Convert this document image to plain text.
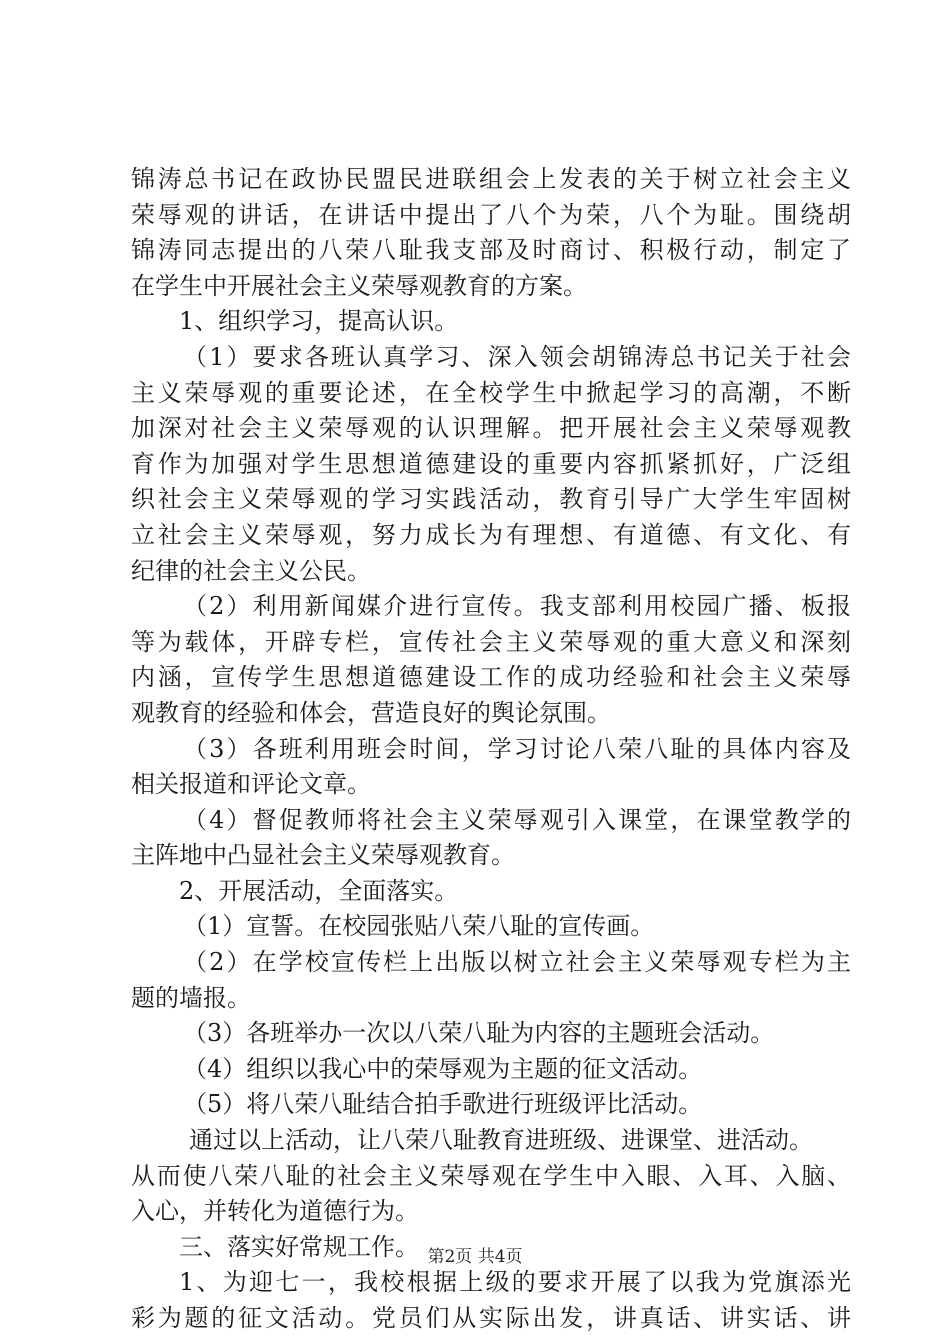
锦涛总书记在政协民盟民进联组会上发表的关于树立社会主义
荣辱观的讲话，在讲话中提出了八个为荣，八个为耻。围绕胡
锦涛同志提出的八荣八耻我支部及时商讨、积极行动，制定了
在学生中开展社会主义荣辱观教育的方案。
1、组织学习，提高认识。
（1）要求各班认真学习、深入领会胡锦涛总书记关于社会
主义荣辱观的重要论述，在全校学生中掀起学习的高潮，不断
加深对社会主义荣辱观的认识理解。把开展社会主义荣辱观教
育作为加强对学生思想道德建设的重要内容抓紧抓好，广泛组
织社会主义荣辱观的学习实践活动，教育引导广大学生牢固树
立社会主义荣辱观，努力成长为有理想、有道德、有文化、有
纪律的社会主义公民。
（2）利用新闻媒介进行宣传。我支部利用校园广播、板报
等为载体，开辟专栏，宣传社会主义荣辱观的重大意义和深刻
内涵，宣传学生思想道德建设工作的成功经验和社会主义荣辱
观教育的经验和体会，营造良好的舆论氛围。
（3）各班利用班会时间，学习讨论八荣八耻的具体内容及
相关报道和评论文章。
（4）督促教师将社会主义荣辱观引入课堂，在课堂教学的
主阵地中凸显社会主义荣辱观教育。
2、开展活动，全面落实。
（1）宣誓。在校园张贴八荣八耻的宣传画。
（2）在学校宣传栏上出版以树立社会主义荣辱观专栏为主
题的墙报。
（3）各班举办一次以八荣八耻为内容的主题班会活动。
（4）组织以我心中的荣辱观为主题的征文活动。
（5）将八荣八耻结合拍手歌进行班级评比活动。
通过以上活动，让八荣八耻教育进班级、进课堂、进活动。
从而使八荣八耻的社会主义荣辱观在学生中入眼、入耳、入脑、
入心，并转化为道德行为。
三、落实好常规工作。
1、为迎七一，我校根据上级的要求开展了以我为党旗添光
彩为题的征文活动。党员们从实际出发，讲真话、讲实话、讲
第2页 共4页
